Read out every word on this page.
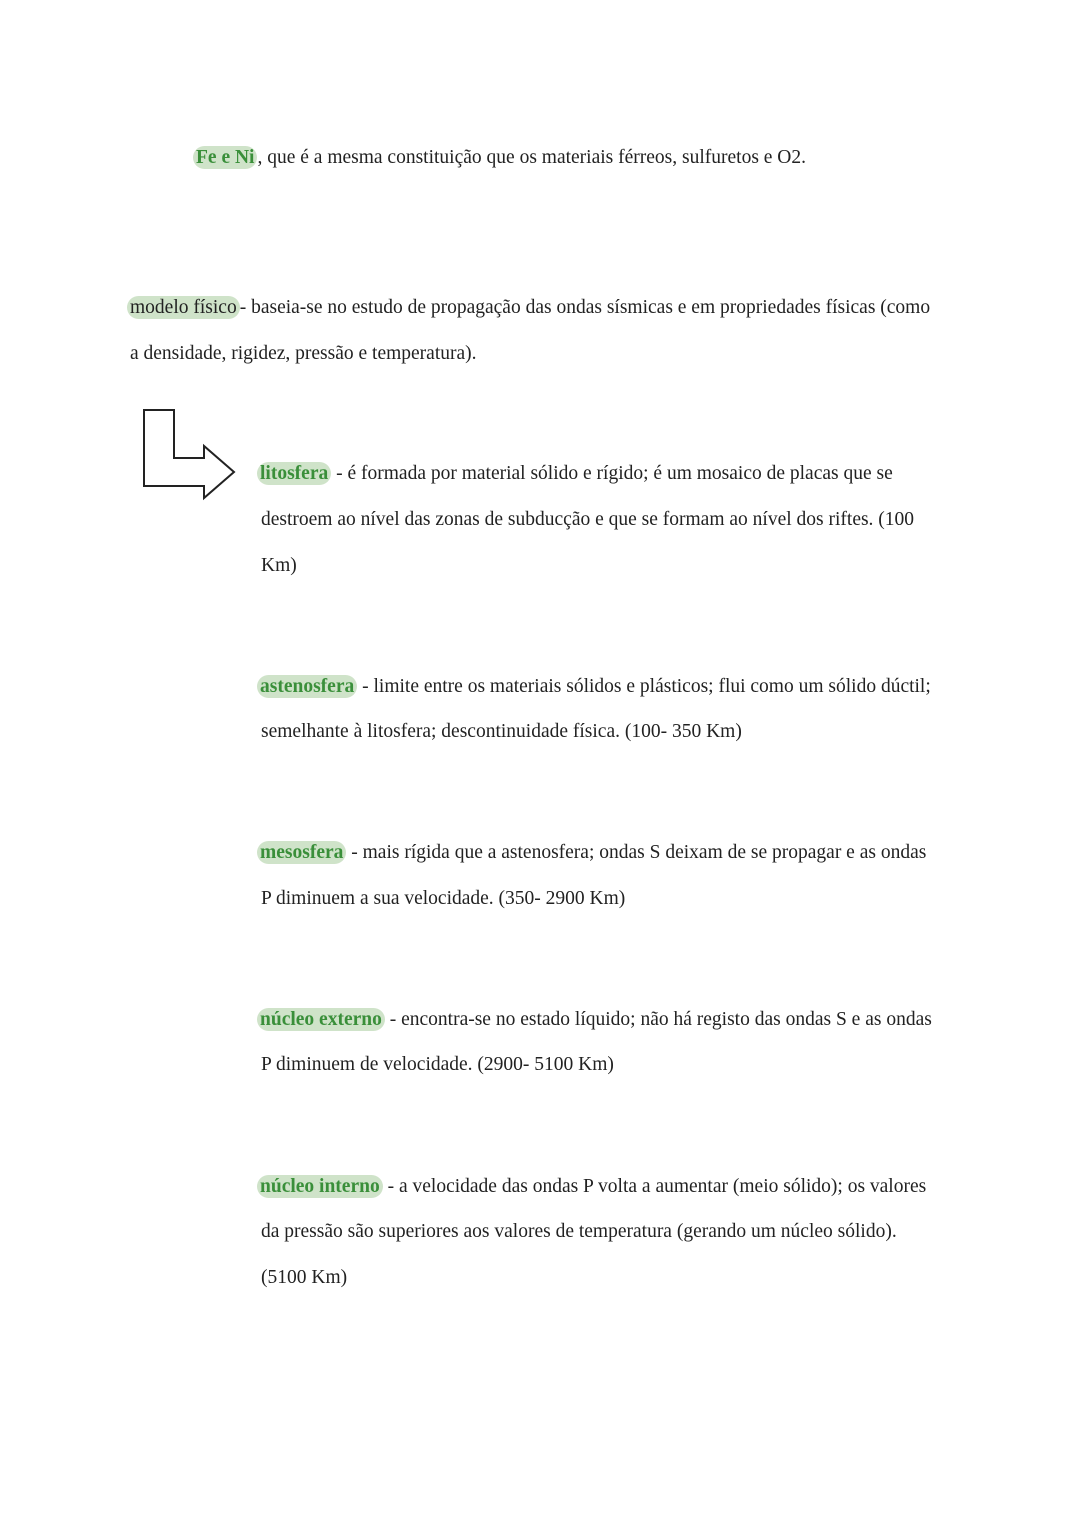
Fe e Ni , que é a mesma constituição que os materiais férreos, sulfuretos e O2.
modelo físico - baseia-se no estudo de propagação das ondas sísmicas e em propriedades físicas (como
a densidade, rigidez, pressão e temperatura).
litosfera - é formada por material sólido e rígido; é um mosaico de placas que se
destroem ao nível das zonas de subducção e que se formam ao nível dos riftes. (100
Km)
astenosfera - limite entre os materiais sólidos e plásticos; flui como um sólido dúctil;
semelhante à litosfera; descontinuidade física. (100- 350 Km)
mesosfera - mais rígida que a astenosfera; ondas S deixam de se propagar e as ondas
P diminuem a sua velocidade. (350- 2900 Km)
núcleo externo - encontra-se no estado líquido; não há registo das ondas S e as ondas
P diminuem de velocidade. (2900- 5100 Km)
núcleo interno - a velocidade das ondas P volta a aumentar (meio sólido); os valores
da pressão são superiores aos valores de temperatura (gerando um núcleo sólido).
(5100 Km)
